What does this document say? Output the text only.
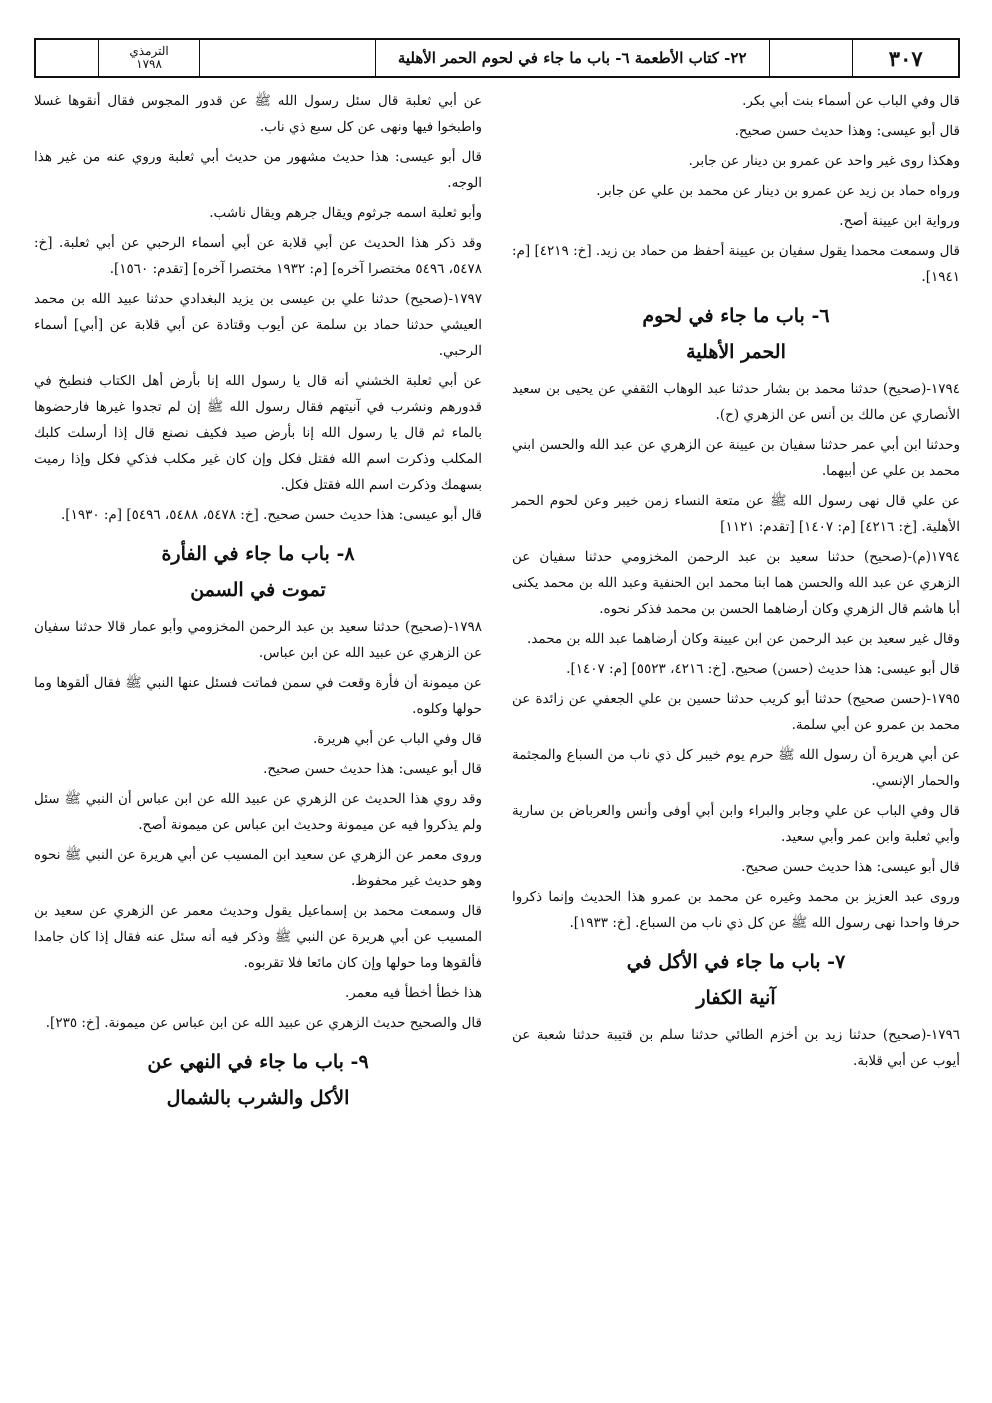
الترمذي
١٧٩٨	٢٢- كتاب الأطعمة ٦- باب ما جاء في لحوم الحمر الأهلية	٣٠٧

قال وفي الباب عن أسماء بنت أبي بكر.

قال أبو عيسى: وهذا حديث حسن صحيح.

وهكذا روى غير واحد عن عمرو بن دينار عن جابر.

ورواه حماد بن زيد عن عمرو بن دينار عن محمد بن علي عن جابر.

ورواية ابن عيينة أصح.

قال وسمعت محمدا يقول سفيان بن عيينة أحفظ من حماد بن زيد. [خ: ٤٢١٩] [م: ١٩٤١].

٦- باب ما جاء في لحوم
الحمر الأهلية

١٧٩٤-(صحيح) حدثنا محمد بن بشار حدثنا عبد الوهاب الثقفي عن يحيى بن سعيد الأنصاري عن مالك بن أنس عن الزهري (ح).

وحدثنا ابن أبي عمر حدثنا سفيان بن عيينة عن الزهري عن عبد الله والحسن ابني محمد بن علي عن أبيهما.

عن علي قال نهى رسول الله ﷺ عن متعة النساء زمن خيبر وعن لحوم الحمر الأهلية. [خ: ٤٢١٦] [م: ١٤٠٧] [تقدم: ١١٢١]

١٧٩٤(م)-(صحيح) حدثنا سعيد بن عبد الرحمن المخزومي حدثنا سفيان عن الزهري عن عبد الله والحسن هما ابنا محمد ابن الحنفية وعبد الله بن محمد يكنى أبا هاشم قال الزهري وكان أرضاهما الحسن بن محمد فذكر نحوه.

وقال غير سعيد بن عبد الرحمن عن ابن عيينة وكان أرضاهما عبد الله بن محمد.

قال أبو عيسى: هذا حديث (حسن) صحيح. [خ: ٤٢١٦، ٥٥٢٣] [م: ١٤٠٧].

١٧٩٥-(حسن صحيح) حدثنا أبو كريب حدثنا حسين بن علي الجعفي عن زائدة عن محمد بن عمرو عن أبي سلمة.

عن أبي هريرة أن رسول الله ﷺ حرم يوم خيبر كل ذي ناب من السباع والمجثمة والحمار الإنسي.

قال وفي الباب عن علي وجابر والبراء وابن أبي أوفى وأنس والعرباض بن سارية وأبي ثعلبة وابن عمر وأبي سعيد.

قال أبو عيسى: هذا حديث حسن صحيح.

وروى عبد العزيز بن محمد وغيره عن محمد بن عمرو هذا الحديث وإنما ذكروا حرفا واحدا نهى رسول الله ﷺ عن كل ذي ناب من السباع. [خ: ١٩٣٣].

٧- باب ما جاء في الأكل في
آنية الكفار

١٧٩٦-(صحيح) حدثنا زيد بن أخزم الطائي حدثنا سلم بن قتيبة حدثنا شعبة عن أيوب عن أبي قلابة.

عن أبي ثعلبة قال سئل رسول الله ﷺ عن قدور المجوس فقال أنقوها غسلا واطبخوا فيها ونهى عن كل سبع ذي ناب.

قال أبو عيسى: هذا حديث مشهور من حديث أبي ثعلبة وروي عنه من غير هذا الوجه.

وأبو ثعلبة اسمه جرثوم ويقال جرهم ويقال ناشب.

وقد ذكر هذا الحديث عن أبي قلابة عن أبي أسماء الرحبي عن أبي ثعلبة. [خ: ٥٤٧٨، ٥٤٩٦ مختصرا آخره] [م: ١٩٣٢ مختصرا آخره] [تقدم: ١٥٦٠].

١٧٩٧-(صحيح) حدثنا علي بن عيسى بن يزيد البغدادي حدثنا عبيد الله بن محمد العيشي حدثنا حماد بن سلمة عن أيوب وقتادة عن أبي قلابة عن [أبي] أسماء الرحبي.

عن أبي ثعلبة الخشني أنه قال يا رسول الله إنا بأرض أهل الكتاب فنطبخ في قدورهم ونشرب في آنيتهم فقال رسول الله ﷺ إن لم تجدوا غيرها فارحضوها بالماء ثم قال يا رسول الله إنا بأرض صيد فكيف نصنع قال إذا أرسلت كلبك المكلب وذكرت اسم الله فقتل فكل وإن كان غير مكلب فذكي فكل وإذا رميت بسهمك وذكرت اسم الله فقتل فكل.

قال أبو عيسى: هذا حديث حسن صحيح. [خ: ٥٤٧٨، ٥٤٨٨، ٥٤٩٦] [م: ١٩٣٠].

٨- باب ما جاء في الفأرة
تموت في السمن

١٧٩٨-(صحيح) حدثنا سعيد بن عبد الرحمن المخزومي وأبو عمار قالا حدثنا سفيان عن الزهري عن عبيد الله عن ابن عباس.

عن ميمونة أن فأرة وقعت في سمن فماتت فسئل عنها النبي ﷺ فقال ألقوها وما حولها وكلوه.

قال وفي الباب عن أبي هريرة.

قال أبو عيسى: هذا حديث حسن صحيح.

وقد روي هذا الحديث عن الزهري عن عبيد الله عن ابن عباس أن النبي ﷺ سئل ولم يذكروا فيه عن ميمونة وحديث ابن عباس عن ميمونة أصح.

وروى معمر عن الزهري عن سعيد ابن المسيب عن أبي هريرة عن النبي ﷺ نحوه وهو حديث غير محفوظ.

قال وسمعت محمد بن إسماعيل يقول وحديث معمر عن الزهري عن سعيد بن المسيب عن أبي هريرة عن النبي ﷺ وذكر فيه أنه سئل عنه فقال إذا كان جامدا فألقوها وما حولها وإن كان مائعا فلا تقربوه.

هذا خطأ أخطأ فيه معمر.

قال والصحيح حديث الزهري عن عبيد الله عن ابن عباس عن ميمونة. [خ: ٢٣٥].

٩- باب ما جاء في النهي عن
الأكل والشرب بالشمال
